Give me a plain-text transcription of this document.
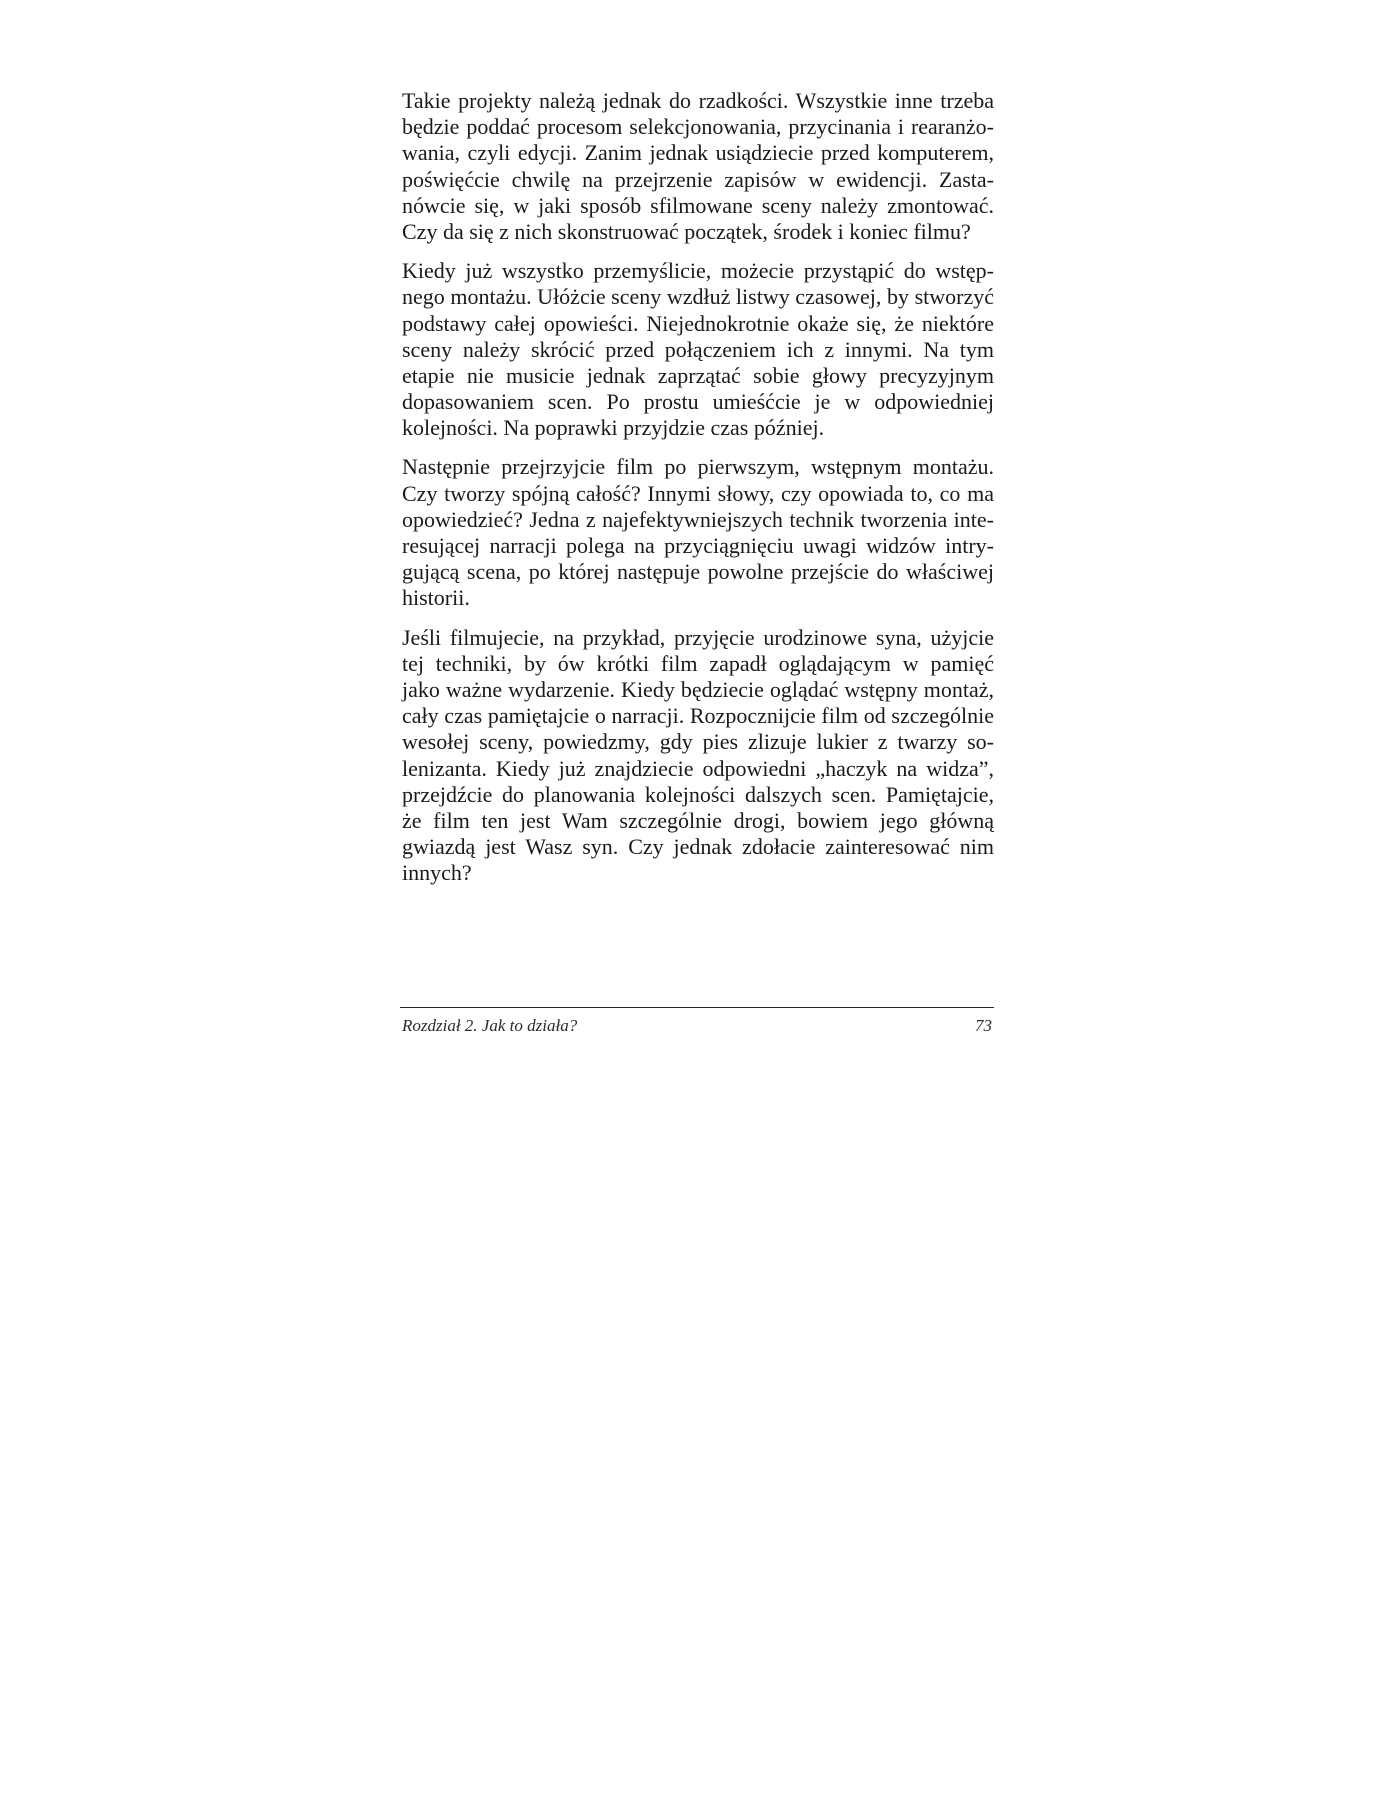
Takie projekty należą jednak do rzadkości. Wszystkie inne trzeba
będzie poddać procesom selekcjonowania, przycinania i rearanżo-
wania, czyli edycji. Zanim jednak usiądziecie przed komputerem,
poświęćcie chwilę na przejrzenie zapisów w ewidencji. Zasta-
nówcie się, w jaki sposób sfilmowane sceny należy zmontować.
Czy da się z nich skonstruować początek, środek i koniec filmu?

Kiedy już wszystko przemyślicie, możecie przystąpić do wstęp-
nego montażu. Ułóżcie sceny wzdłuż listwy czasowej, by stworzyć
podstawy całej opowieści. Niejednokrotnie okaże się, że niektóre
sceny należy skrócić przed połączeniem ich z innymi. Na tym
etapie nie musicie jednak zaprzątać sobie głowy precyzyjnym
dopasowaniem scen. Po prostu umieśćcie je w odpowiedniej
kolejności. Na poprawki przyjdzie czas później.

Następnie przejrzyjcie film po pierwszym, wstępnym montażu.
Czy tworzy spójną całość? Innymi słowy, czy opowiada to, co ma
opowiedzieć? Jedna z najefektywniejszych technik tworzenia inte-
resującej narracji polega na przyciągnięciu uwagi widzów intry-
gującą scena, po której następuje powolne przejście do właściwej
historii.

Jeśli filmujecie, na przykład, przyjęcie urodzinowe syna, użyjcie
tej techniki, by ów krótki film zapadł oglądającym w pamięć
jako ważne wydarzenie. Kiedy będziecie oglądać wstępny montaż,
cały czas pamiętajcie o narracji. Rozpocznijcie film od szczególnie
wesołej sceny, powiedzmy, gdy pies zlizuje lukier z twarzy so-
lenizanta. Kiedy już znajdziecie odpowiedni „haczyk na widza”,
przejdźcie do planowania kolejności dalszych scen. Pamiętajcie,
że film ten jest Wam szczególnie drogi, bowiem jego główną
gwiazdą jest Wasz syn. Czy jednak zdołacie zainteresować nim
innych?

Rozdział 2. Jak to działa?	73
